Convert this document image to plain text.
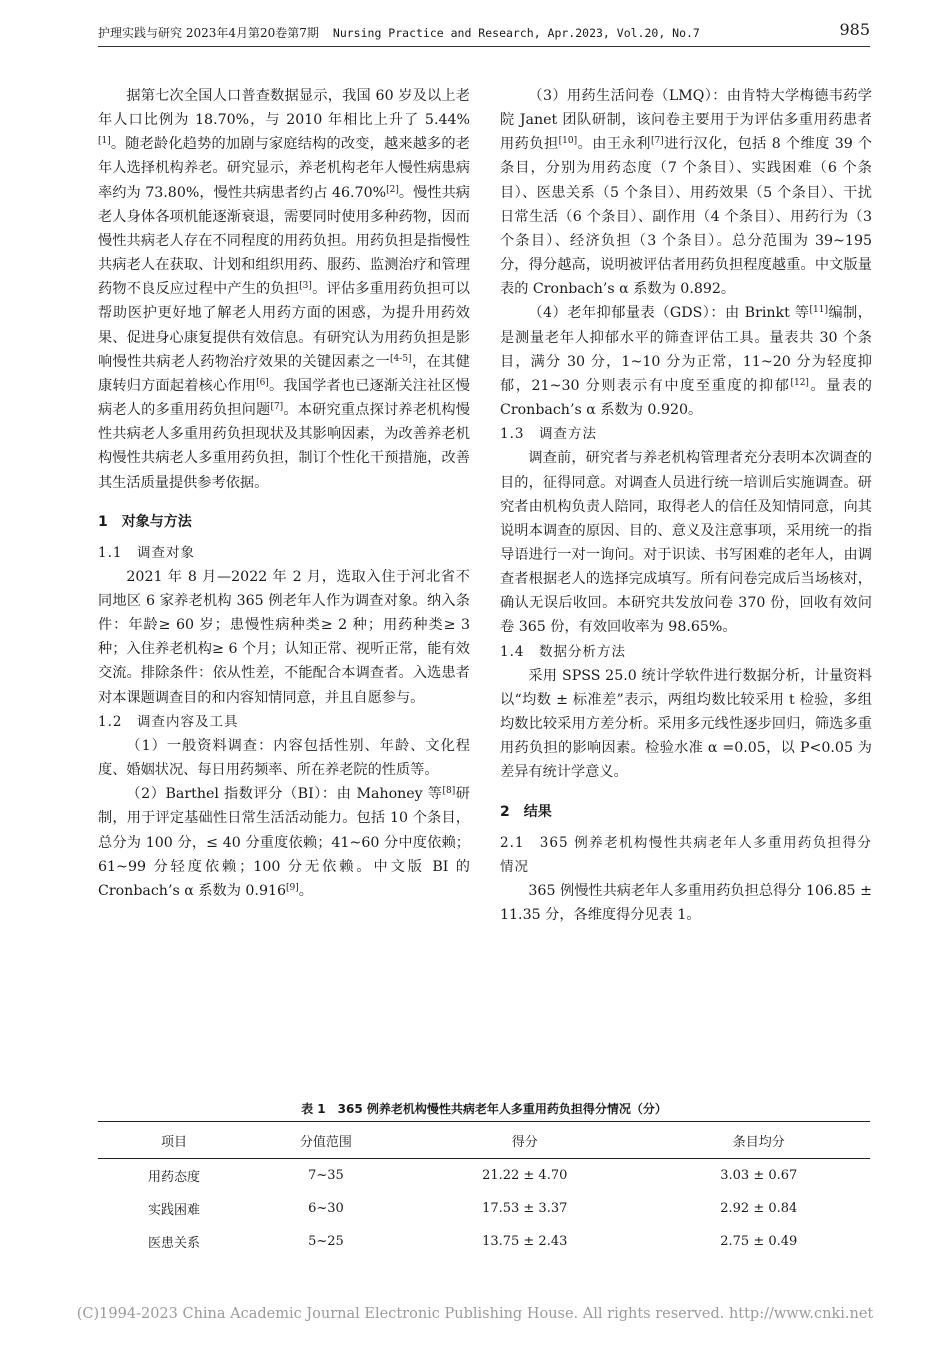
护理实践与研究 2023年4月第20卷第7期 Nursing Practice and Research, Apr.2023, Vol.20, No.7	985

据第七次全国人口普查数据显示，我国 60 岁及以上老年人口比例为 18.70%，与 2010 年相比上升了 5.44%[1]。随老龄化趋势的加剧与家庭结构的改变，越来越多的老年人选择机构养老。研究显示，养老机构老年人慢性病患病率约为 73.80%，慢性共病患者约占 46.70%[2]。慢性共病老人身体各项机能逐渐衰退，需要同时使用多种药物，因而慢性共病老人存在不同程度的用药负担。用药负担是指慢性共病老人在获取、计划和组织用药、服药、监测治疗和管理药物不良反应过程中产生的负担[3]。评估多重用药负担可以帮助医护更好地了解老人用药方面的困惑，为提升用药效果、促进身心康复提供有效信息。有研究认为用药负担是影响慢性共病老人药物治疗效果的关键因素之一[4-5]，在其健康转归方面起着核心作用[6]。我国学者也已逐渐关注社区慢病老人的多重用药负担问题[7]。本研究重点探讨养老机构慢性共病老人多重用药负担现状及其影响因素，为改善养老机构慢性共病老人多重用药负担，制订个性化干预措施，改善其生活质量提供参考依据。

1　对象与方法

1.1　调查对象

2021 年 8 月—2022 年 2 月，选取入住于河北省不同地区 6 家养老机构 365 例老年人作为调查对象。纳入条件：年龄≥ 60 岁；患慢性病种类≥ 2 种；用药种类≥ 3 种；入住养老机构≥ 6 个月；认知正常、视听正常，能有效交流。排除条件：依从性差，不能配合本调查者。入选患者对本课题调查目的和内容知情同意，并且自愿参与。

1.2　调查内容及工具

（1）一般资料调查：内容包括性别、年龄、文化程度、婚姻状况、每日用药频率、所在养老院的性质等。

（2）Barthel 指数评分（BI）：由 Mahoney 等[8]研制，用于评定基础性日常生活活动能力。包括 10 个条目，总分为 100 分，≤ 40 分重度依赖；41~60 分中度依赖；61~99 分轻度依赖；100 分无依赖。中文版 BI 的 Cronbach’s α 系数为 0.916[9]。

（3）用药生活问卷（LMQ）：由肯特大学梅德韦药学院 Janet 团队研制，该问卷主要用于为评估多重用药患者用药负担[10]。由王永利[7]进行汉化，包括 8 个维度 39 个条目，分别为用药态度（7 个条目）、实践困难（6 个条目）、医患关系（5 个条目）、用药效果（5 个条目）、干扰日常生活（6 个条目）、副作用（4 个条目）、用药行为（3 个条目）、经济负担（3 个条目）。总分范围为 39~195 分，得分越高，说明被评估者用药负担程度越重。中文版量表的 Cronbach’s α 系数为 0.892。

（4）老年抑郁量表（GDS）：由 Brinkt 等[11]编制，是测量老年人抑郁水平的筛查评估工具。量表共 30 个条目，满分 30 分，1~10 分为正常，11~20 分为轻度抑郁，21~30 分则表示有中度至重度的抑郁[12]。量表的 Cronbach’s α 系数为 0.920。

1.3　调查方法

调查前，研究者与养老机构管理者充分表明本次调查的目的，征得同意。对调查人员进行统一培训后实施调查。研究者由机构负责人陪同，取得老人的信任及知情同意，向其说明本调查的原因、目的、意义及注意事项，采用统一的指导语进行一对一询问。对于识读、书写困难的老年人，由调查者根据老人的选择完成填写。所有问卷完成后当场核对，确认无误后收回。本研究共发放问卷 370 份，回收有效问卷 365 份，有效回收率为 98.65%。

1.4　数据分析方法

采用 SPSS 25.0 统计学软件进行数据分析，计量资料以“均数 ± 标准差”表示，两组均数比较采用 t 检验，多组均数比较采用方差分析。采用多元线性逐步回归，筛选多重用药负担的影响因素。检验水准 α =0.05，以 P<0.05 为差异有统计学意义。

2　结果

2.1　365 例养老机构慢性共病老年人多重用药负担得分情况

365 例慢性共病老年人多重用药负担总得分 106.85 ± 11.35 分，各维度得分见表 1。

表 1　365 例养老机构慢性共病老年人多重用药负担得分情况（分）
项目	分值范围	得分	条目均分
用药态度	7~35	21.22 ± 4.70	3.03 ± 0.67
实践困难	6~30	17.53 ± 3.37	2.92 ± 0.84
医患关系	5~25	13.75 ± 2.43	2.75 ± 0.49
(C)1994-2023 China Academic Journal Electronic Publishing House. All rights reserved. http://www.cnki.net
